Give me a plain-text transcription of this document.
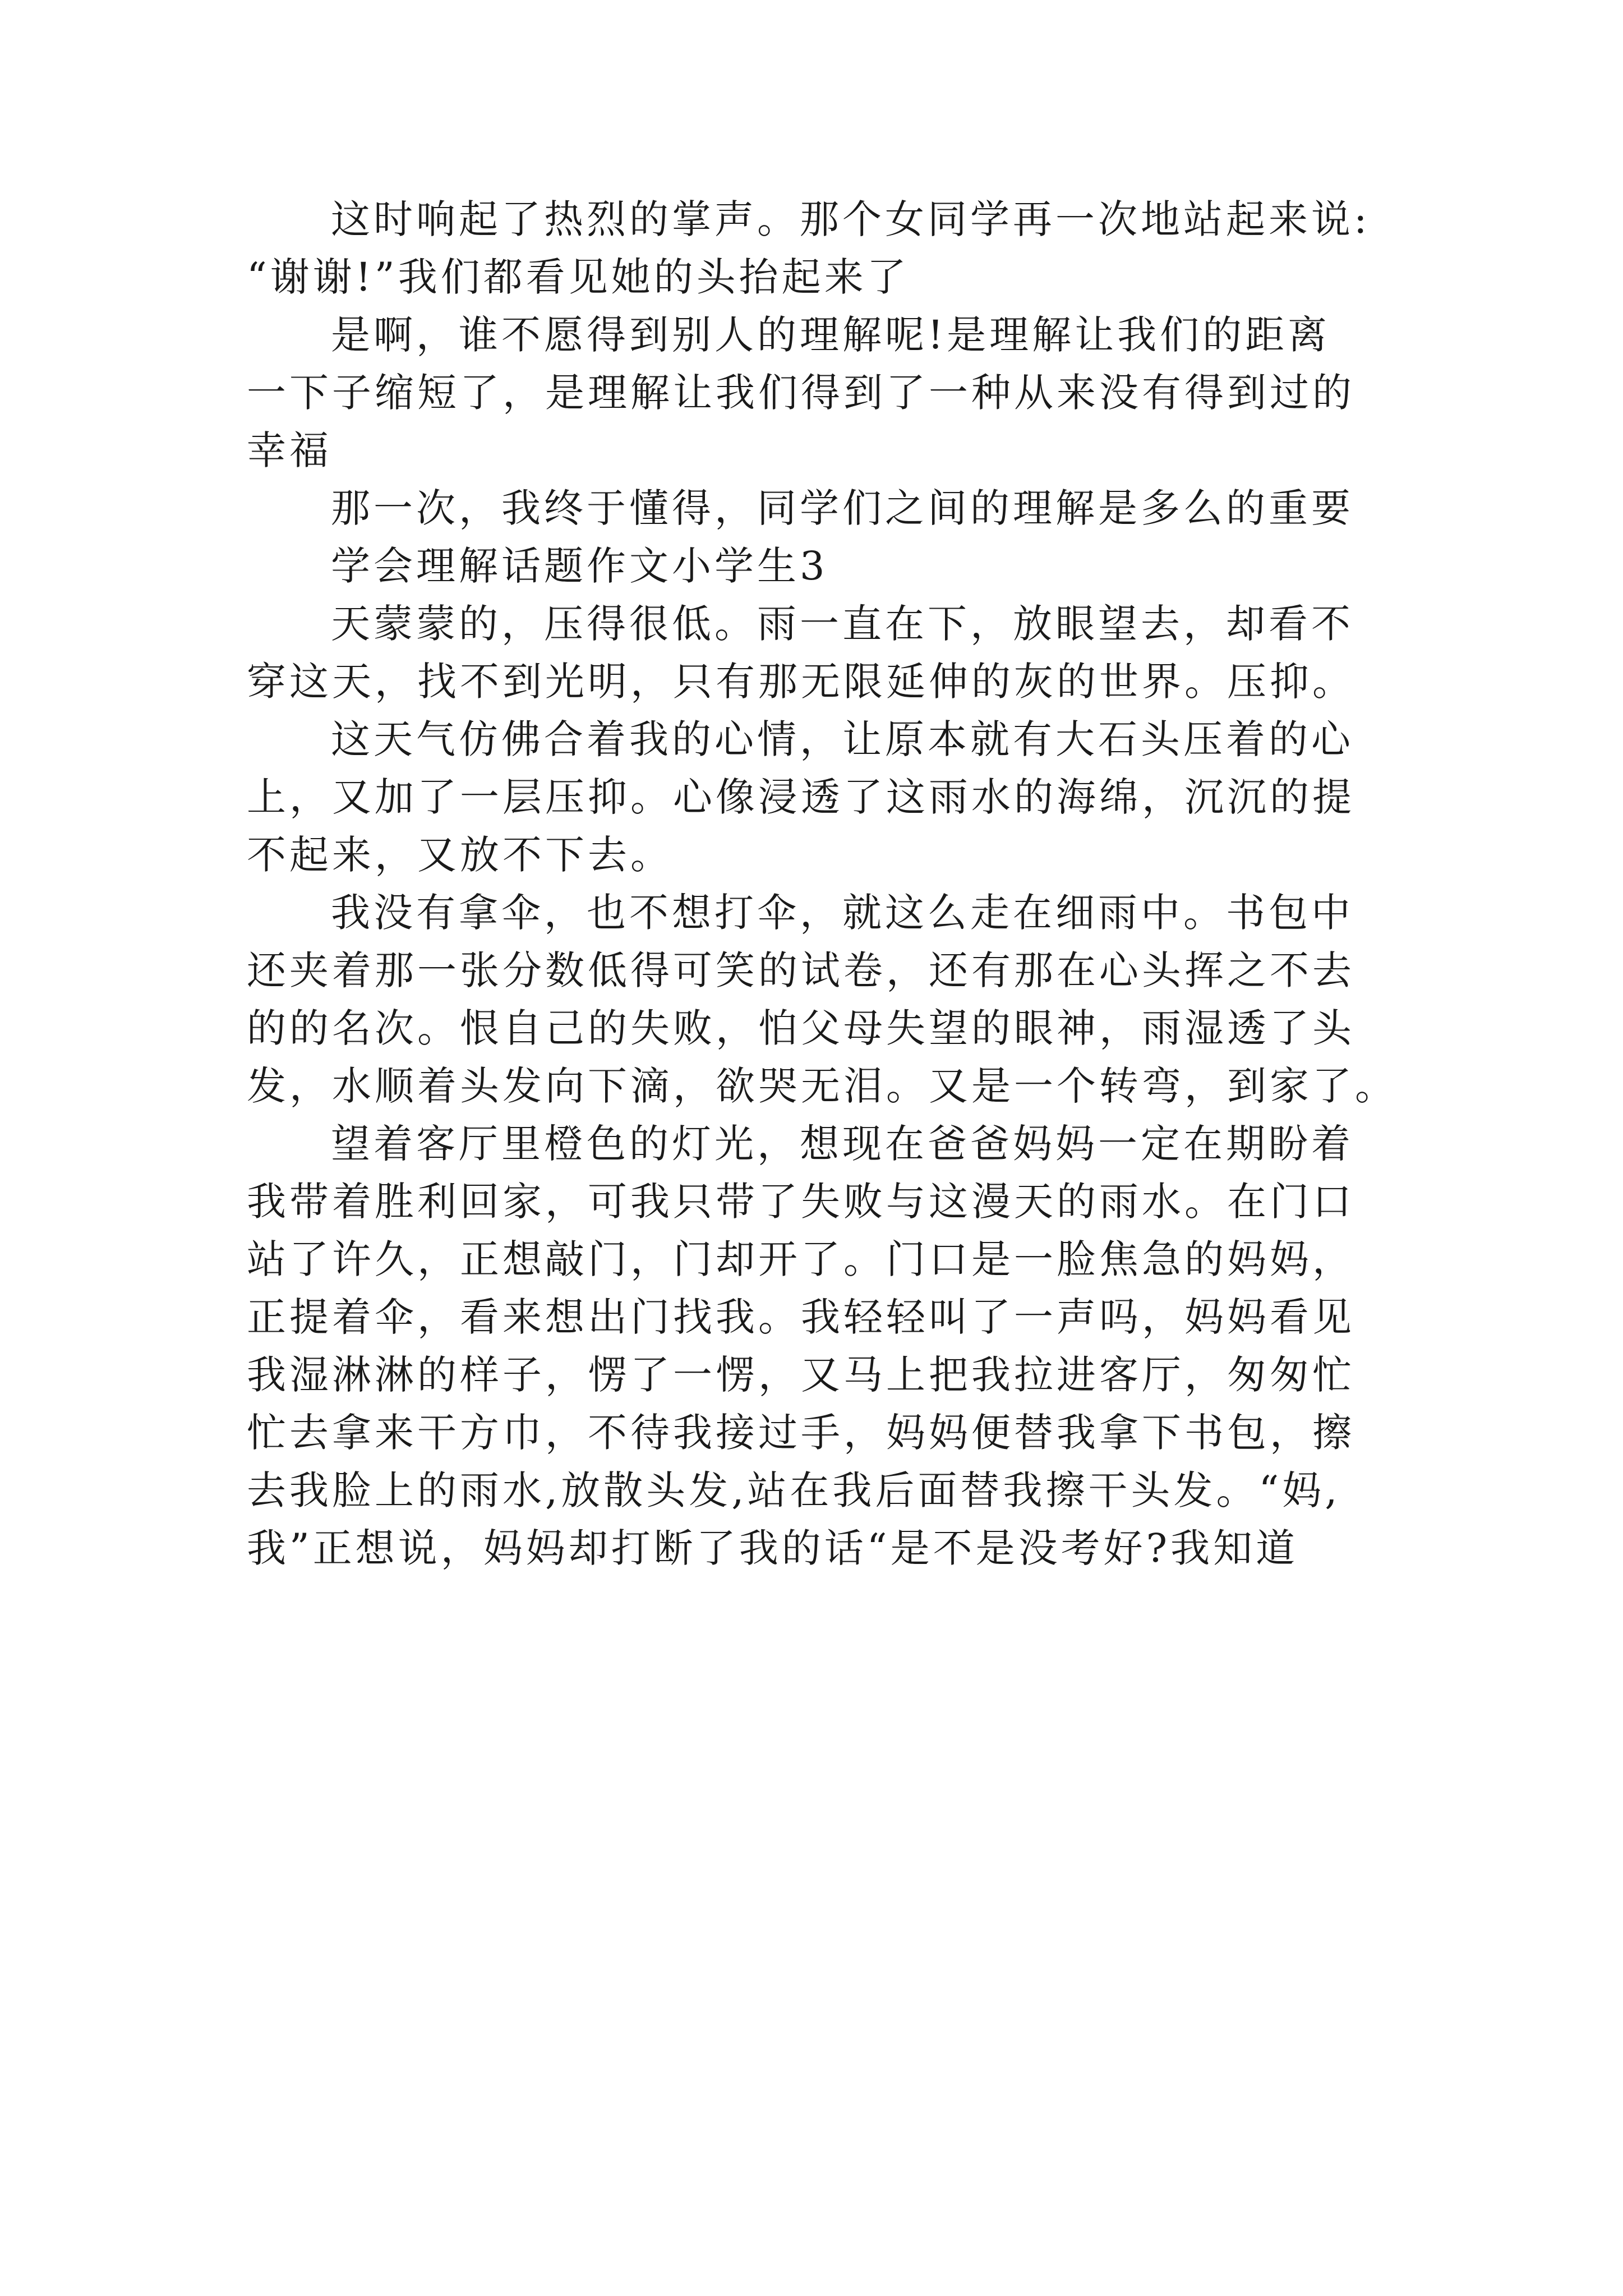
这时响起了热烈的掌声。那个女同学再一次地站起来说:
“谢谢!”我们都看见她的头抬起来了
是啊，谁不愿得到别人的理解呢!是理解让我们的距离
一下子缩短了，是理解让我们得到了一种从来没有得到过的
幸福
那一次，我终于懂得，同学们之间的理解是多么的重要
学会理解话题作文小学生3
天蒙蒙的，压得很低。雨一直在下，放眼望去，却看不
穿这天，找不到光明，只有那无限延伸的灰的世界。压抑。
这天气仿佛合着我的心情，让原本就有大石头压着的心
上，又加了一层压抑。心像浸透了这雨水的海绵，沉沉的提
不起来，又放不下去。
我没有拿伞，也不想打伞，就这么走在细雨中。书包中
还夹着那一张分数低得可笑的试卷，还有那在心头挥之不去
的的名次。恨自己的失败，怕父母失望的眼神，雨湿透了头
发，水顺着头发向下滴，欲哭无泪。又是一个转弯，到家了。
望着客厅里橙色的灯光，想现在爸爸妈妈一定在期盼着
我带着胜利回家，可我只带了失败与这漫天的雨水。在门口
站了许久，正想敲门，门却开了。门口是一脸焦急的妈妈，
正提着伞，看来想出门找我。我轻轻叫了一声吗，妈妈看见
我湿淋淋的样子，愣了一愣，又马上把我拉进客厅，匆匆忙
忙去拿来干方巾，不待我接过手，妈妈便替我拿下书包，擦
去我脸上的雨水,放散头发,站在我后面替我擦干头发。“妈,
我”正想说，妈妈却打断了我的话“是不是没考好?我知道
